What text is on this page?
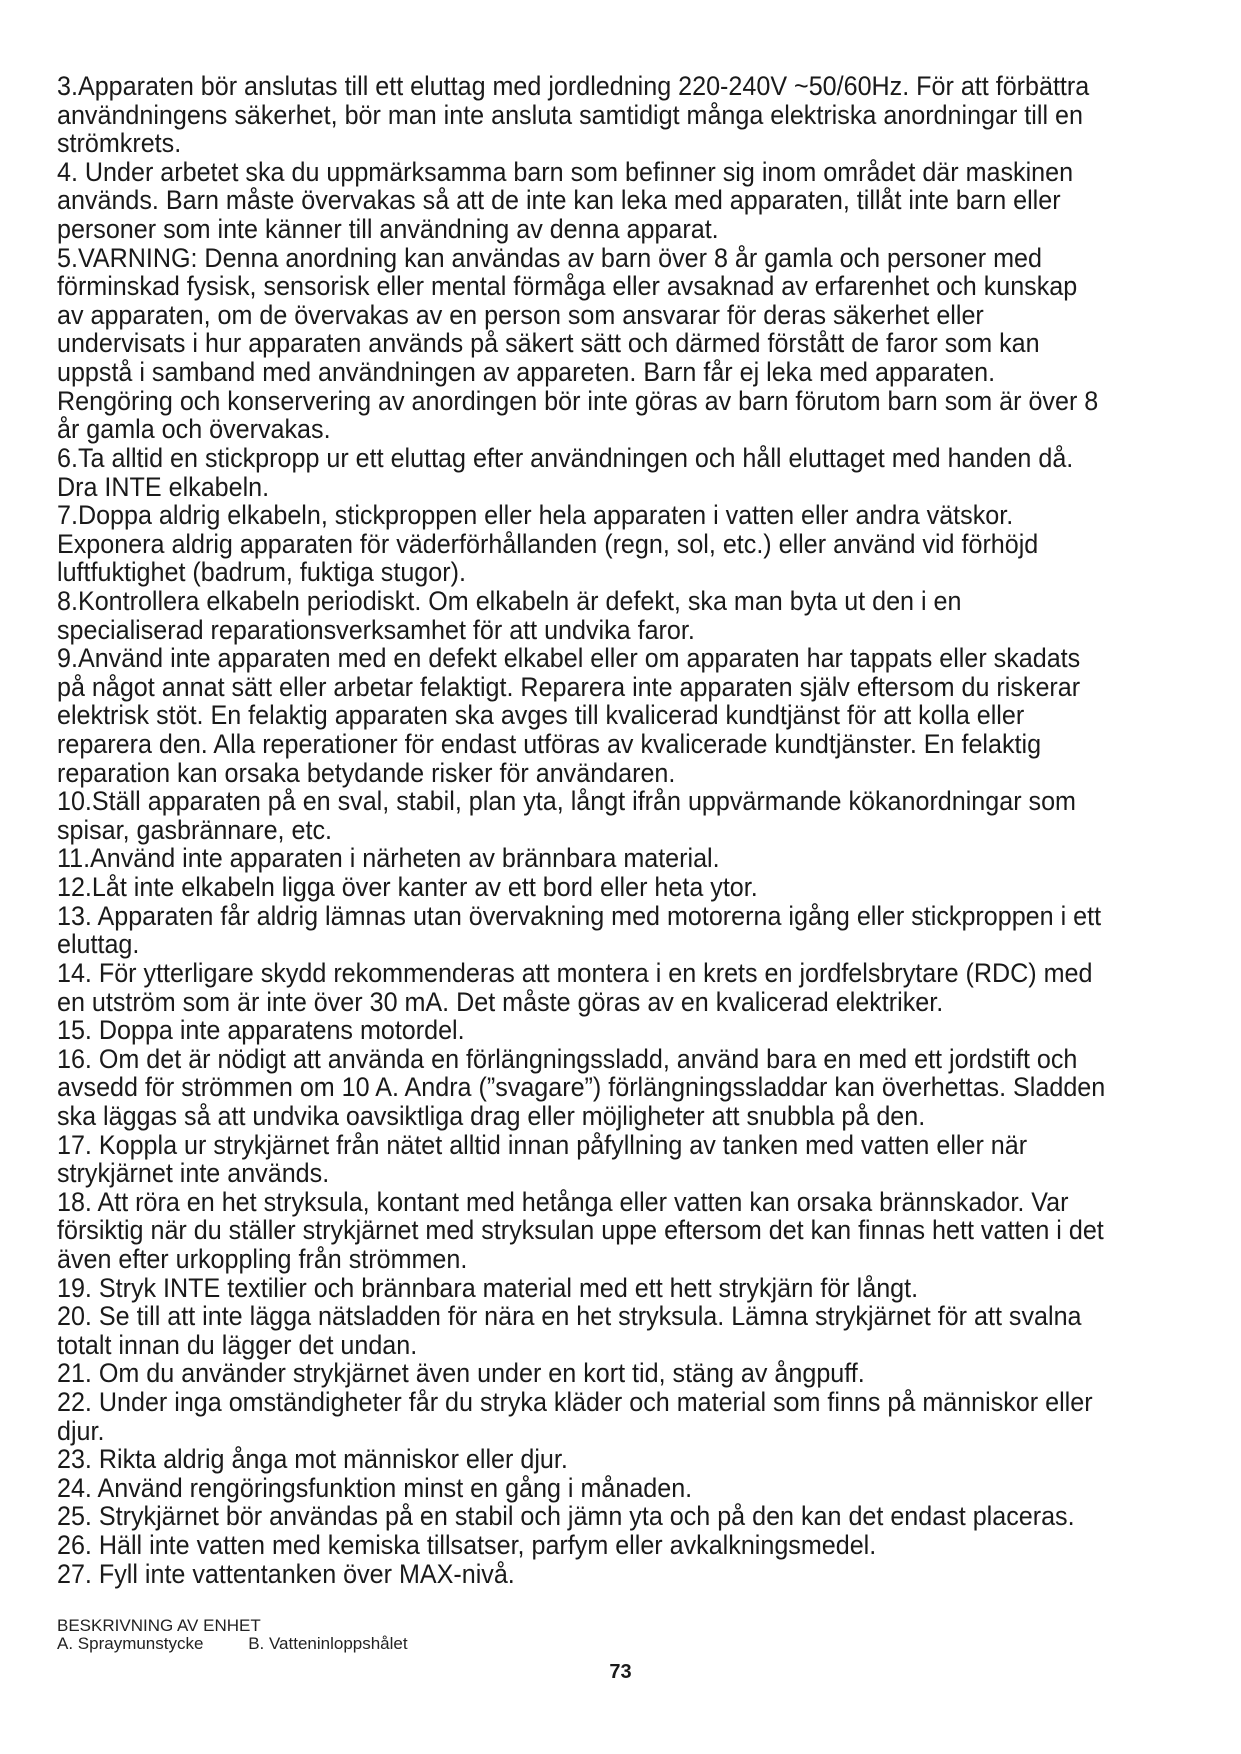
3.Apparaten bör anslutas till ett eluttag med jordledning 220-240V ~50/60Hz. För att förbättra användningens säkerhet, bör man inte ansluta samtidigt många elektriska anordningar till en strömkrets.

4. Under arbetet ska du uppmärksamma barn som befinner sig inom området där maskinen används. Barn måste övervakas så att de inte kan leka med apparaten, tillåt inte barn eller personer som inte känner till användning av denna apparat.

5.VARNING: Denna anordning kan användas av barn över 8 år gamla och personer med förminskad fysisk, sensorisk eller mental förmåga eller avsaknad av erfarenhet och kunskap av apparaten, om de övervakas av en person som ansvarar för deras säkerhet eller undervisats i hur apparaten används på säkert sätt och därmed förstått de faror som kan uppstå i samband med användningen av appareten. Barn får ej leka med apparaten. Rengöring och konservering av anordingen bör inte göras av barn förutom barn som är över 8 år gamla och övervakas.

6.Ta alltid en stickpropp ur ett eluttag efter användningen och håll eluttaget med handen då. Dra INTE elkabeln.

7.Doppa aldrig elkabeln, stickproppen eller hela apparaten i vatten eller andra vätskor. Exponera aldrig apparaten för väderförhållanden (regn, sol, etc.) eller använd vid förhöjd luftfuktighet (badrum, fuktiga stugor).

8.Kontrollera elkabeln periodiskt. Om elkabeln är defekt, ska man byta ut den i en specialiserad reparationsverksamhet för att undvika faror.

9.Använd inte apparaten med en defekt elkabel eller om apparaten har tappats eller skadats på något annat sätt eller arbetar felaktigt. Reparera inte apparaten själv eftersom du riskerar elektrisk stöt. En felaktig apparaten ska avges till kvalicerad kundtjänst för att kolla eller reparera den. Alla reperationer för endast utföras av kvalicerade kundtjänster. En felaktig reparation kan orsaka betydande risker för användaren.

10.Ställ apparaten på en sval, stabil, plan yta, långt ifrån uppvärmande kökanordningar som spisar, gasbrännare, etc.

11.Använd inte apparaten i närheten av brännbara material.

12.Låt inte elkabeln ligga över kanter av ett bord eller heta ytor.

13. Apparaten får aldrig lämnas utan övervakning med motorerna igång eller stickproppen i ett eluttag.

14. För ytterligare skydd rekommenderas att montera i en krets en jordfelsbrytare (RDC) med en utström som är inte över 30 mA. Det måste göras av en kvalicerad elektriker.

15. Doppa inte apparatens motordel.

16. Om det är nödigt att använda en förlängningssladd, använd bara en med ett jordstift och avsedd för strömmen om 10 A. Andra (”svagare”) förlängningssladdar kan överhettas. Sladden ska läggas så att undvika oavsiktliga drag eller möjligheter att snubbla på den.

17. Koppla ur strykjärnet från nätet alltid innan påfyllning av tanken med vatten eller när strykjärnet inte används.

18. Att röra en het stryksula, kontant med hetånga eller vatten kan orsaka brännskador. Var försiktig när du ställer strykjärnet med stryksulan uppe eftersom det kan finnas hett vatten i det även efter urkoppling från strömmen.

19. Stryk INTE textilier och brännbara material med ett hett strykjärn för långt.

20. Se till att inte lägga nätsladden för nära en het stryksula. Lämna strykjärnet för att svalna totalt innan du lägger det undan.

21. Om du använder strykjärnet även under en kort tid, stäng av ångpuff.

22. Under inga omständigheter får du stryka kläder och material som finns på människor eller djur.

23. Rikta aldrig ånga mot människor eller djur.

24. Använd rengöringsfunktion minst en gång i månaden.

25. Strykjärnet bör användas på en stabil och jämn yta och på den kan det endast placeras.

26. Häll inte vatten med kemiska tillsatser, parfym eller avkalkningsmedel.

27. Fyll inte vattentanken över MAX-nivå.

BESKRIVNING AV ENHET

A. Spraymunstycke	B. Vatteninloppshålet

73
